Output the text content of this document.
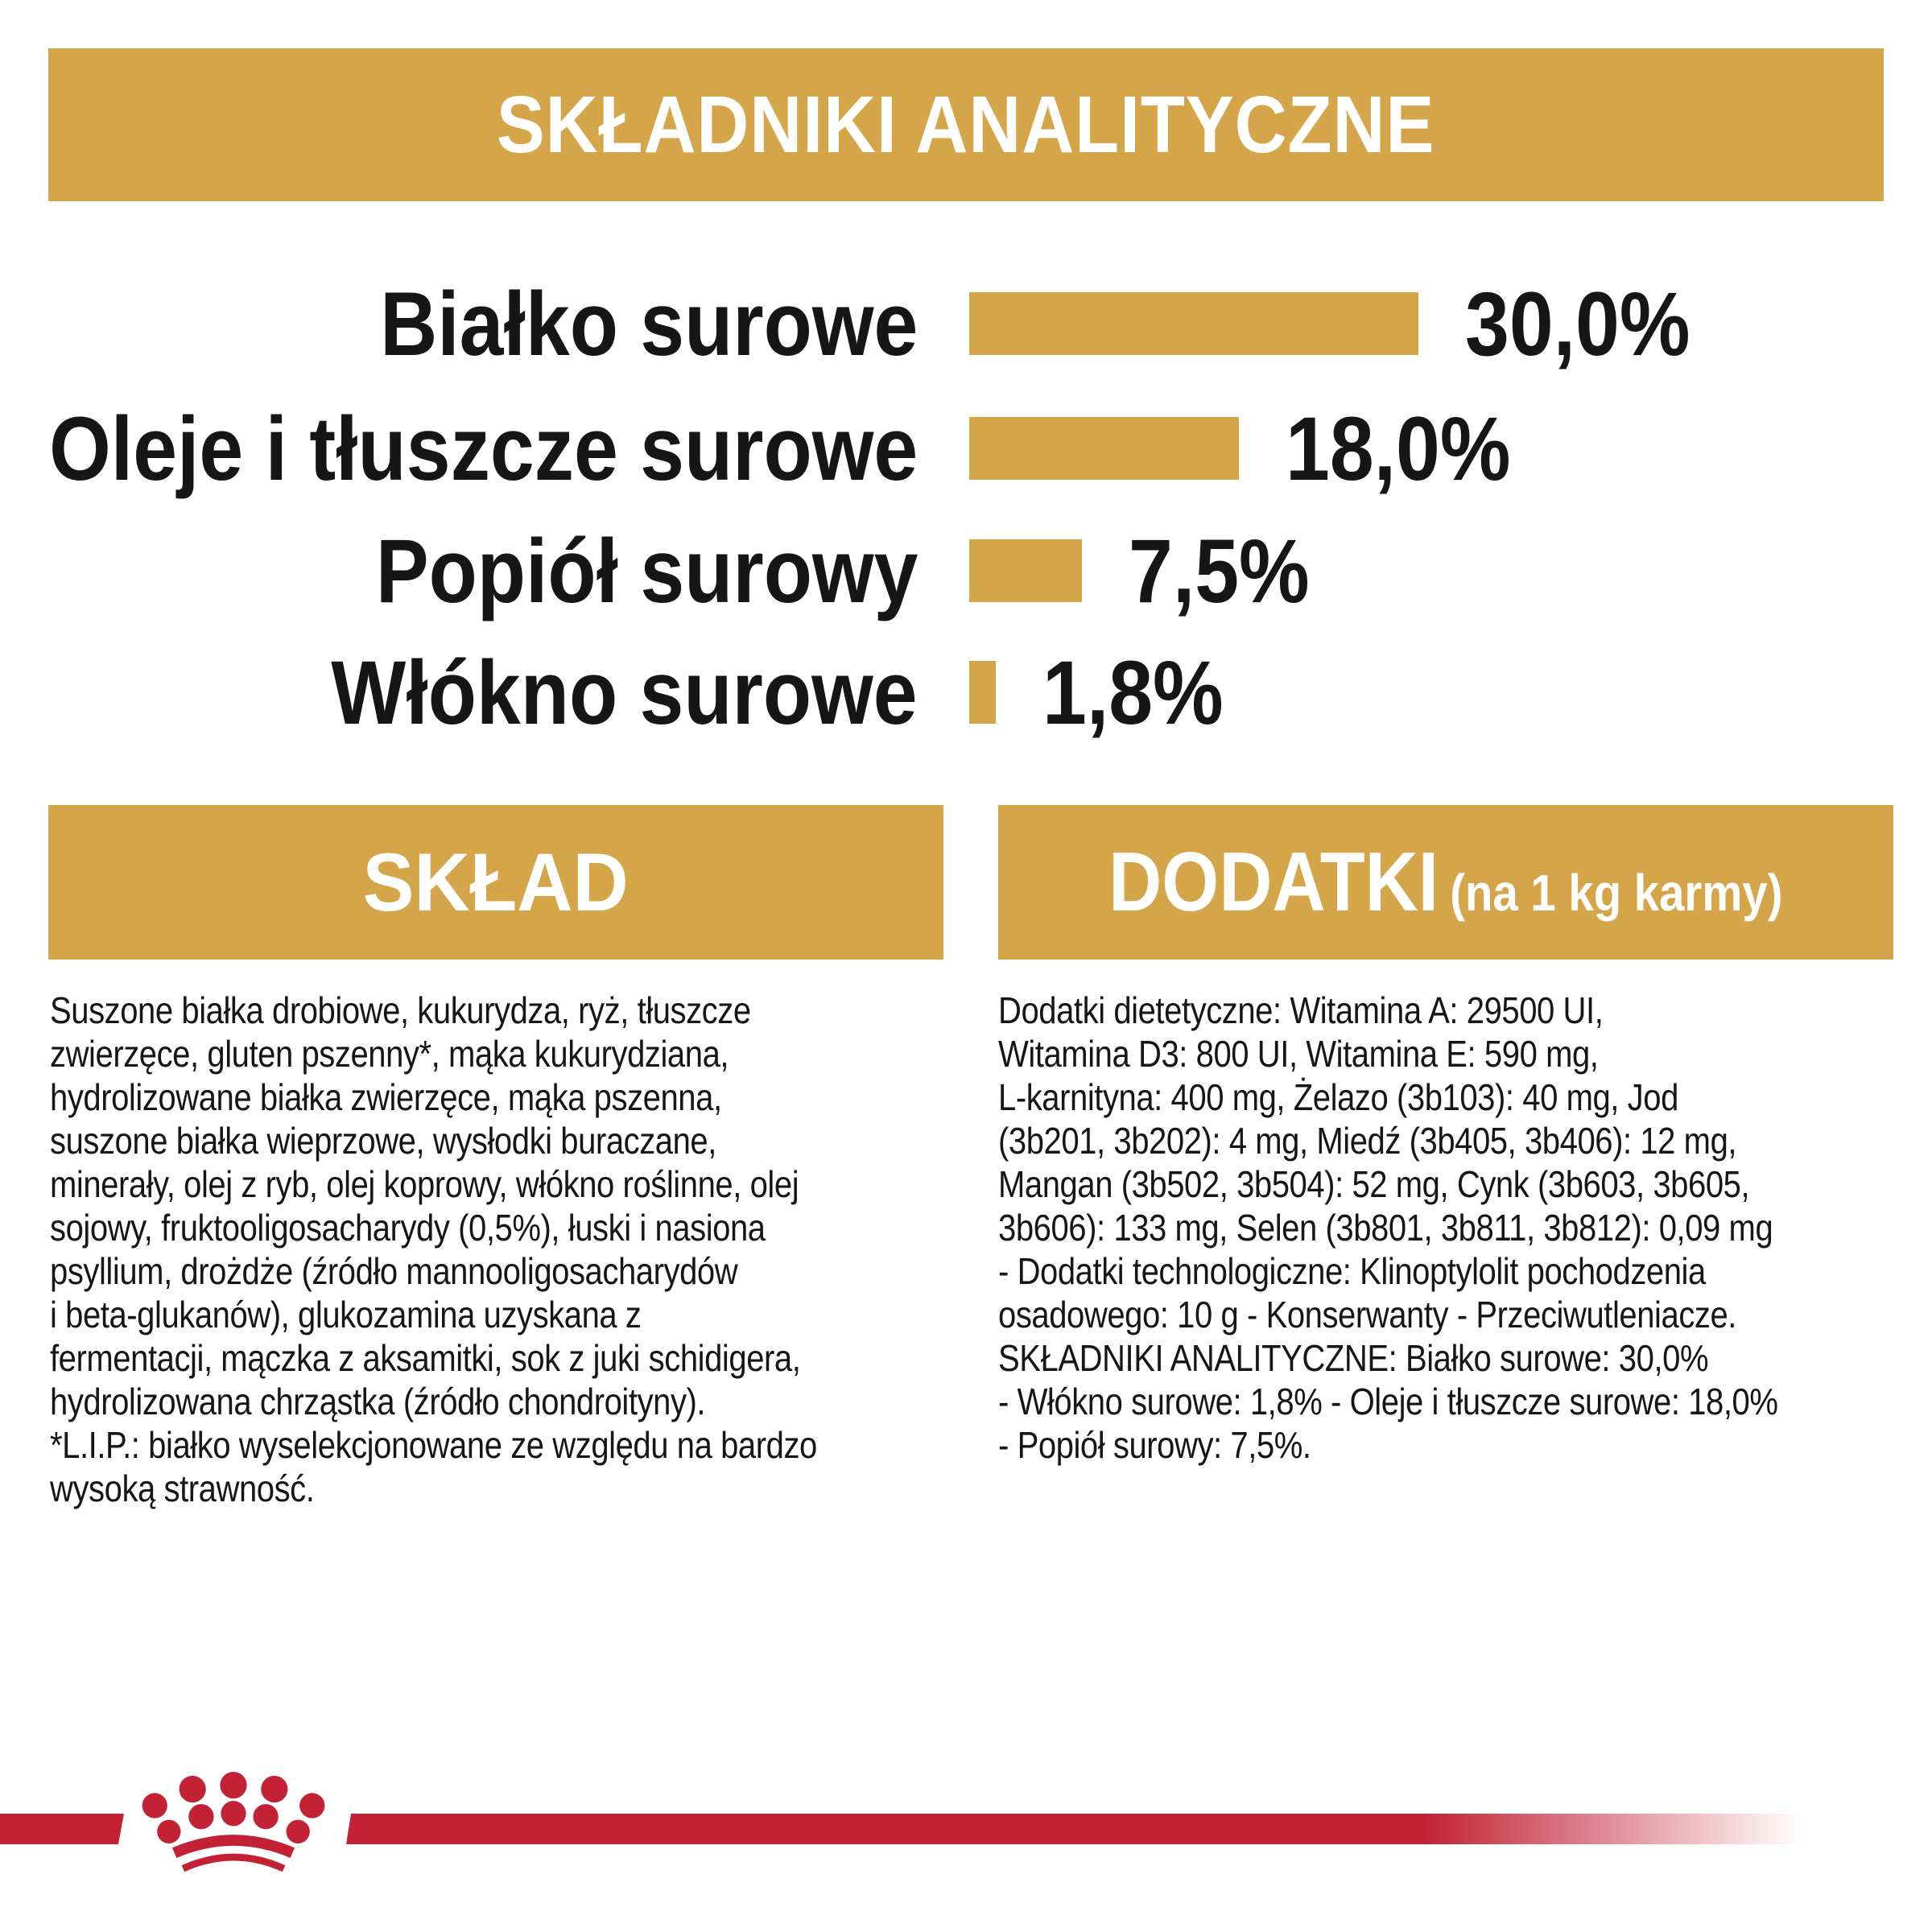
SKŁADNIKI ANALITYCZNE
Białko surowe	30,0%
Oleje i tłuszcze surowe	18,0%
Popiół surowy 7,5%
Włókno surowe 1,8%
SKŁAD	DODATKI (na 1 kg karmy)
Suszone białka drobiowe, kukurydza, ryż, tłuszcze
zwierzęce, gluten pszenny*, mąka kukurydziana,
hydrolizowane białka zwierzęce, mąka pszenna,
suszone białka wieprzowe, wysłodki buraczane,
minerały, olej z ryb, olej koprowy, włókno roślinne, olej
sojowy, fruktooligosacharydy (0,5%), łuski i nasiona
psyllium, drożdże (źródło mannooligosacharydów
i beta-glukanów), glukozamina uzyskana z
fermentacji, mączka z aksamitki, sok z juki schidigera,
hydrolizowana chrząstka (źródło chondroityny).
*L.I.P.: białko wyselekcjonowane ze względu na bardzo
wysoką strawność.
Dodatki dietetyczne: Witamina A: 29500 UI,
Witamina D3: 800 UI, Witamina E: 590 mg,
L-karnityna: 400 mg, Żelazo (3b103): 40 mg, Jod
(3b201, 3b202): 4 mg, Miedź (3b405, 3b406): 12 mg,
Mangan (3b502, 3b504): 52 mg, Cynk (3b603, 3b605,
3b606): 133 mg, Selen (3b801, 3b811, 3b812): 0,09 mg
- Dodatki technologiczne: Klinoptylolit pochodzenia
osadowego: 10 g - Konserwanty - Przeciwutleniacze.
SKŁADNIKI ANALITYCZNE: Białko surowe: 30,0%
- Włókno surowe: 1,8% - Oleje i tłuszcze surowe: 18,0%
- Popiół surowy: 7,5%.
